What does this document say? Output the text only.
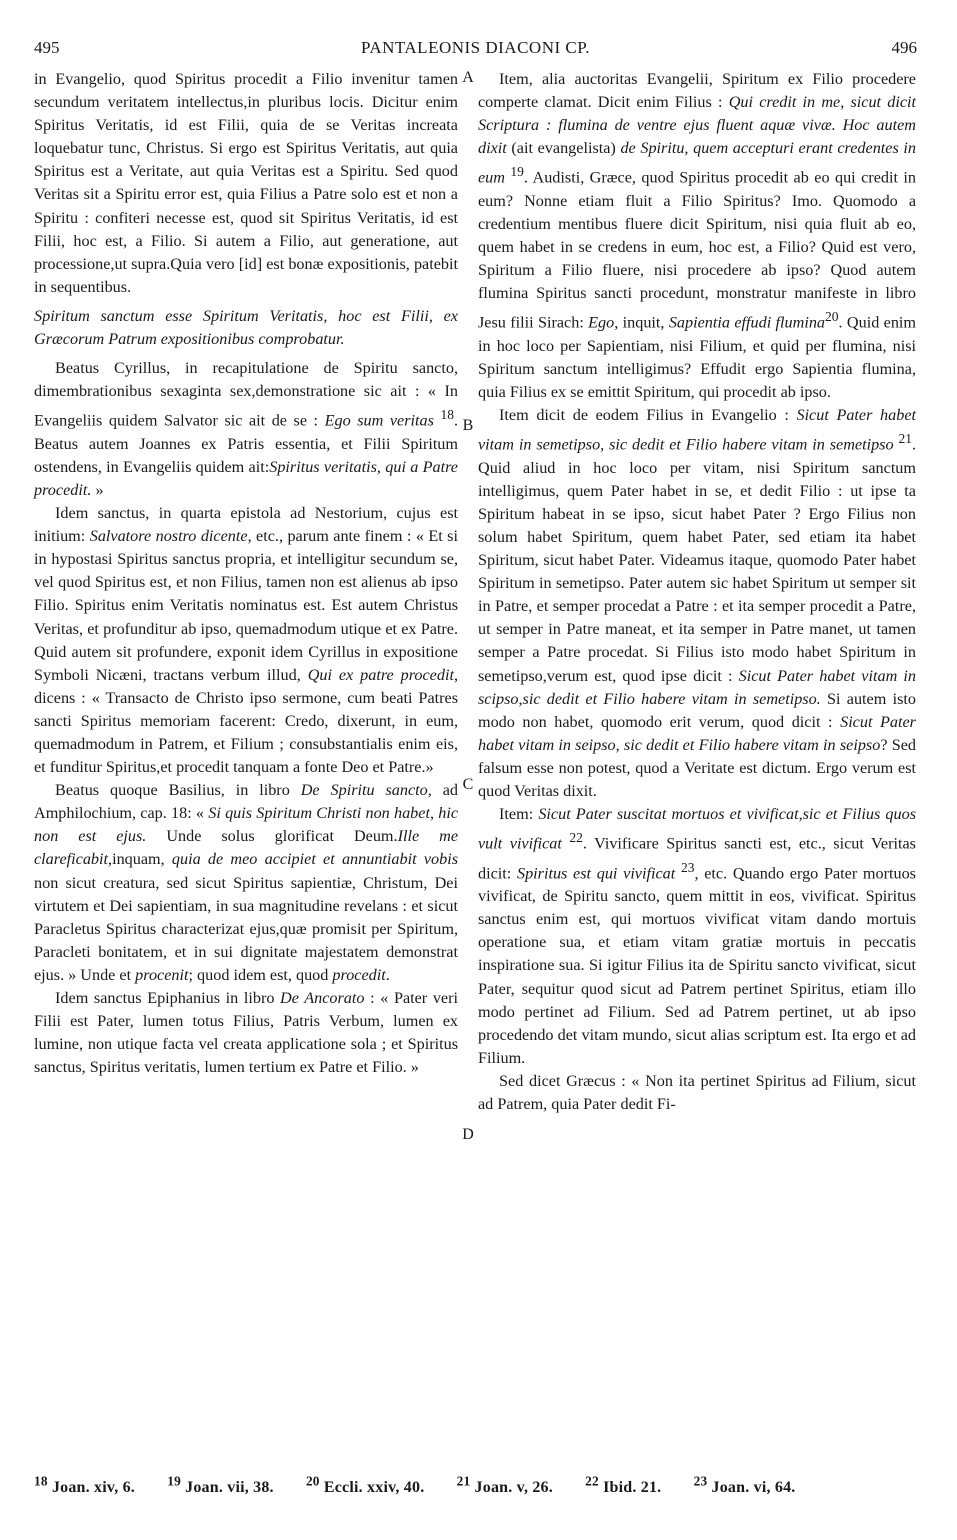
495	PANTALEONIS DIACONI CP.	496
A
B
C
D

in Evangelio, quod Spiritus procedit a Filio invenitur tamen secundum veritatem intellectus,in pluribus locis. Dicitur enim Spiritus Veritatis, id est Filii, quia de se Veritas increata loquebatur tunc, Christus. Si ergo est Spiritus Veritatis, aut quia Spiritus est a Veritate, aut quia Veritas est a Spiritu. Sed quod Veritas sit a Spiritu error est, quia Filius a Patre solo est et non a Spiritu : confiteri necesse est, quod sit Spiritus Veritatis, id est Filii, hoc est, a Filio. Si autem a Filio, aut generatione, aut processione,ut supra.Quia vero [id] est bonæ expositionis, patebit in sequentibus.

Spiritum sanctum esse Spiritum Veritatis, hoc est Filii, ex Græcorum Patrum expositionibus comprobatur.

Beatus Cyrillus, in recapitulatione de Spiritu sancto, dimembrationibus sexaginta sex,demonstratione sic ait : « In Evangeliis quidem Salvator sic ait de se : Ego sum veritas $^{18}$. Beatus autem Joannes ex Patris essentia, et Filii Spiritum ostendens, in Evangeliis quidem ait:Spiritus veritatis, qui a Patre procedit. »

Idem sanctus, in quarta epistola ad Nestorium, cujus est initium: Salvatore nostro dicente, etc., parum ante finem : « Et si in hypostasi Spiritus sanctus propria, et intelligitur secundum se, vel quod Spiritus est, et non Filius, tamen non est alienus ab ipso Filio. Spiritus enim Veritatis nominatus est. Est autem Christus Veritas, et profunditur ab ipso, quemadmodum utique et ex Patre. Quid autem sit profundere, exponit idem Cyrillus in expositione Symboli Nicæni, tractans verbum illud, Qui ex patre procedit, dicens : « Transacto de Christo ipso sermone, cum beati Patres sancti Spiritus memoriam facerent: Credo, dixerunt, in eum, quemadmodum in Patrem, et Filium ; consubstantialis enim eis, et funditur Spiritus,et procedit tanquam a fonte Deo et Patre.»

Beatus quoque Basilius, in libro De Spiritu sancto, ad Amphilochium, cap. 18: « Si quis Spiritum Christi non habet, hic non est ejus. Unde solus glorificat Deum.Ille me clareficabit,inquam, quia de meo accipiet et annuntiabit vobis non sicut creatura, sed sicut Spiritus sapientiæ, Christum, Dei virtutem et Dei sapientiam, in sua magnitudine revelans : et sicut Paracletus Spiritus characterizat ejus,quæ promisit per Spiritum, Paracleti bonitatem, et in sui dignitate majestatem demonstrat ejus. » Unde et procenit; quod idem est, quod procedit.

Idem sanctus Epiphanius in libro De Ancorato : « Pater veri Filii est Pater, lumen totus Filius, Patris Verbum, lumen ex lumine, non utique facta vel creata applicatione sola ; et Spiritus sanctus, Spiritus veritatis, lumen tertium ex Patre et Filio. »

Item, alia auctoritas Evangelii, Spiritum ex Filio procedere comperte clamat. Dicit enim Filius : Qui credit in me, sicut dicit Scriptura : flumina de ventre ejus fluent aquæ vivæ. Hoc autem dixit (ait evangelista) de Spiritu, quem accepturi erant credentes in eum $^{19}$. Audisti, Græce, quod Spiritus procedit ab eo qui credit in eum? Nonne etiam fluit a Filio Spiritus? Imo. Quomodo a credentium mentibus fluere dicit Spiritum, nisi quia fluit ab eo, quem habet in se credens in eum, hoc est, a Filio? Quid est vero, Spiritum a Filio fluere, nisi procedere ab ipso? Quod autem flumina Spiritus sancti procedunt, monstratur manifeste in libro Jesu filii Sirach: Ego, inquit, Sapientia effudi flumina$^{20}$. Quid enim in hoc loco per Sapientiam, nisi Filium, et quid per flumina, nisi Spiritum sanctum intelligimus? Effudit ergo Sapientia flumina, quia Filius ex se emittit Spiritum, qui procedit ab ipso.

Item dicit de eodem Filius in Evangelio : Sicut Pater habet vitam in semetipso, sic dedit et Filio habere vitam in semetipso $^{21}$. Quid aliud in hoc loco per vitam, nisi Spiritum sanctum intelligimus, quem Pater habet in se, et dedit Filio : ut ipse ta Spiritum habeat in se ipso, sicut habet Pater ? Ergo Filius non solum habet Spiritum, quem habet Pater, sed etiam ita habet Spiritum, sicut habet Pater. Videamus itaque, quomodo Pater habet Spiritum in semetipso. Pater autem sic habet Spiritum ut semper sit in Patre, et semper procedat a Patre : et ita semper procedit a Patre, ut semper in Patre maneat, et ita semper in Patre manet, ut tamen semper a Patre procedat. Si Filius isto modo habet Spiritum in semetipso,verum est, quod ipse dicit : Sicut Pater habet vitam in scipso,sic dedit et Filio habere vitam in semetipso. Si autem isto modo non habet, quomodo erit verum, quod dicit : Sicut Pater habet vitam in seipso, sic dedit et Filio habere vitam in seipso? Sed falsum esse non potest, quod a Veritate est dictum. Ergo verum est quod Veritas dixit.

Item: Sicut Pater suscitat mortuos et vivificat,sic et Filius quos vult vivificat $^{22}$. Vivificare Spiritus sancti est, etc., sicut Veritas dicit: Spiritus est qui vivificat $^{23}$, etc. Quando ergo Pater mortuos vivificat, de Spiritu sancto, quem mittit in eos, vivificat. Spiritus sanctus enim est, qui mortuos vivificat vitam dando mortuis operatione sua, et etiam vitam gratiæ mortuis in peccatis inspiratione sua. Si igitur Filius ita de Spiritu sancto vivificat, sicut Pater, sequitur quod sicut ad Patrem pertinet Spiritus, etiam illo modo pertinet ad Filium. Sed ad Patrem pertinet, ut ab ipso procedendo det vitam mundo, sicut alias scriptum est. Ita ergo et ad Filium.

Sed dicet Græcus : « Non ita pertinet Spiritus ad Filium, sicut ad Patrem, quia Pater dedit Fi-

$^{18}$ Joan. xiv, 6. $^{19}$ Joan. vii, 38. $^{20}$ Eccli. xxiv, 40. $^{21}$ Joan. v, 26. $^{22}$ Ibid. 21. $^{23}$ Joan. vi, 64.
